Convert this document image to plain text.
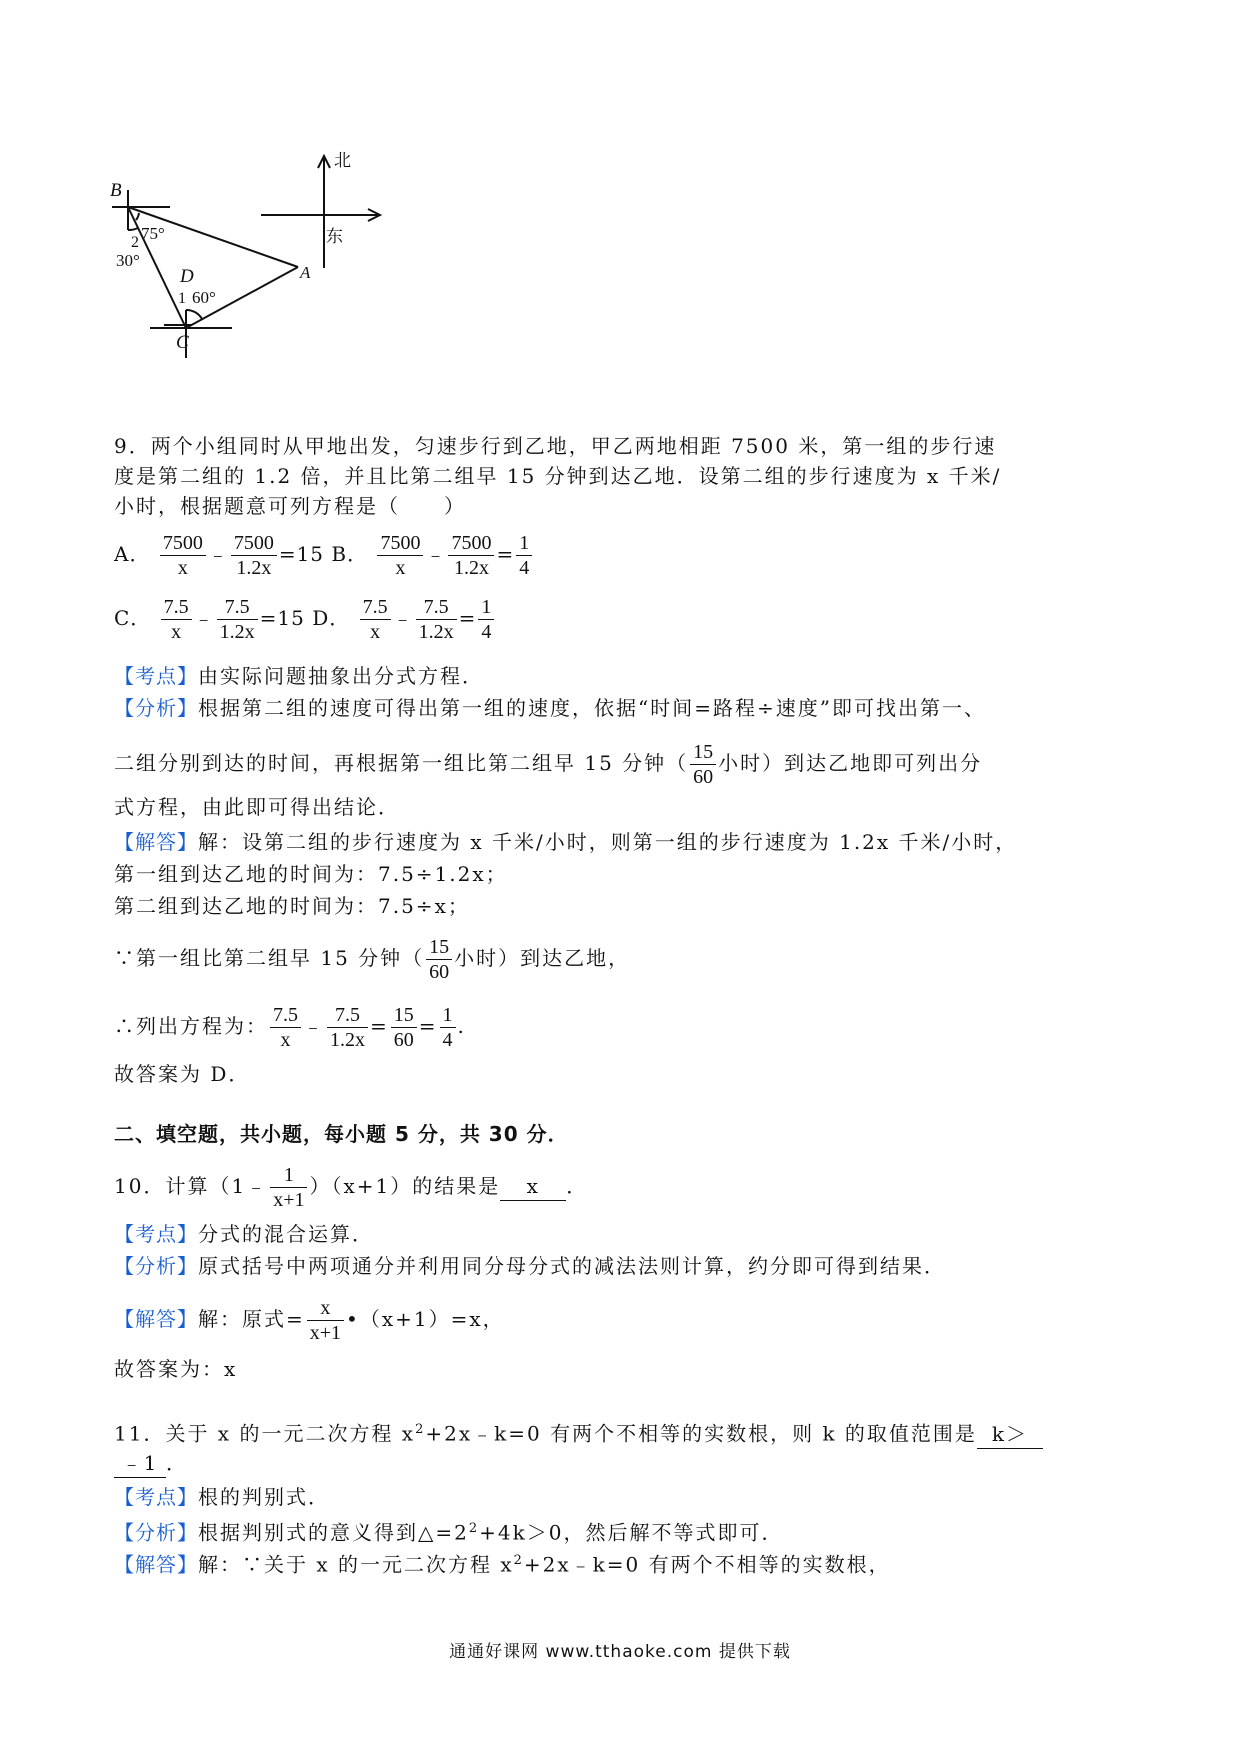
北
东
B
A
C
D
75°
30°
2
1 60°
9．两个小组同时从甲地出发，匀速步行到乙地，甲乙两地相距 7500 米，第一组的步行速
度是第二组的 1.2 倍，并且比第二组早 15 分钟到达乙地．设第二组的步行速度为 x 千米/
小时，根据题意可列方程是（　　）
A． $\frac{7500}{x}$ ﹣ $\frac{7500}{1.2x} =15$ B． $\frac{7500}{x}$ ﹣ $\frac{7500}{1.2x} = \frac{1}{4}$
C． $\frac{7.5}{x}$ ﹣ $\frac{7.5}{1.2x} =15$ D． $\frac{7.5}{x}$ ﹣ $\frac{7.5}{1.2x} = \frac{1}{4}$
【考点】由实际问题抽象出分式方程．
【分析】根据第二组的速度可得出第一组的速度，依据“时间=路程÷速度”即可找出第一、
二组分别到达的时间，再根据第一组比第二组早 15 分钟（ $\frac{15}{60}$ 小时）到达乙地即可列出分
式方程，由此即可得出结论．
【解答】解：设第二组的步行速度为 x 千米/小时，则第一组的步行速度为 1.2x 千米/小时，
第一组到达乙地的时间为：7.5÷1.2x；
第二组到达乙地的时间为：7.5÷x；
∵第一组比第二组早 15 分钟（ $\frac{15}{60}$ 小时）到达乙地，
∴列出方程为： $\frac{7.5}{x}$ ﹣ $\frac{7.5}{1.2x} = \frac{15}{60} = \frac{1}{4}$ .
故答案为 D．
二、填空题，共小题，每小题 5 分，共 30 分．
10．计算（1﹣ $\frac{1}{x+1} )(x+1)$的结果是 x ．
【考点】分式的混合运算．
【分析】原式括号中两项通分并利用同分母分式的减法法则计算，约分即可得到结果．
【解答】解：原式= $\frac{x}{x+1}$ •（x+1）=x，
故答案为：x
11．关于 x 的一元二次方程 $x^2+2x﹣k=0$ 有两个不相等的实数根，则 k 的取值范围是 k＞
﹣1 ．
【考点】根的判别式．
【分析】根据判别式的意义得到$\triangle=2^2+4k>0$，然后解不等式即可．
【解答】解：∵关于 x 的一元二次方程 $x^2+2x﹣k=0$ 有两个不相等的实数根，
通通好课网 www.tthaoke.com 提供下载
